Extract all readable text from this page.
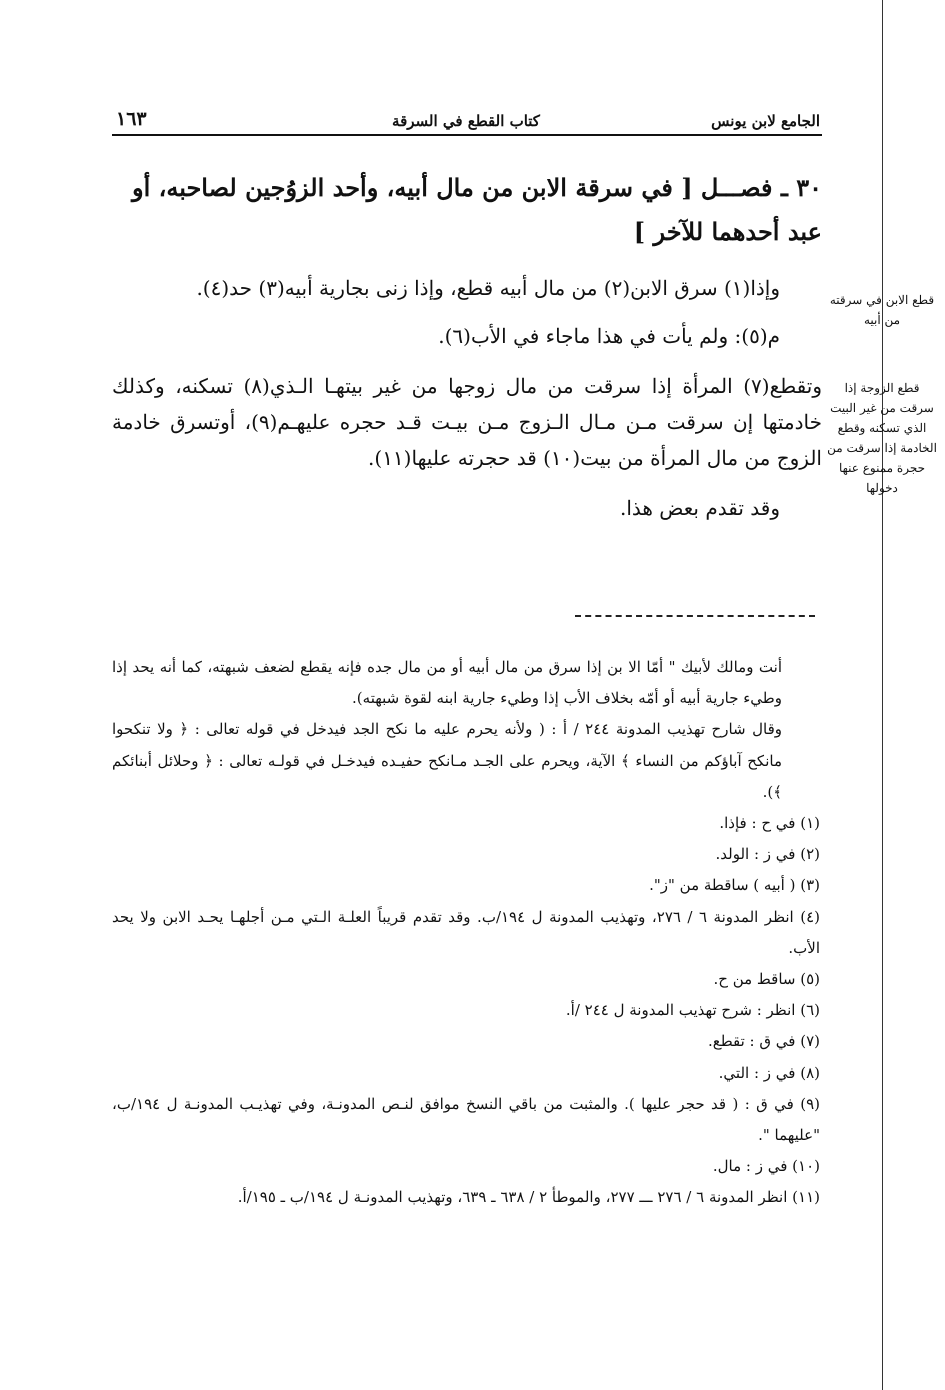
الجامع لابن يونس
كتاب القطع في السرقة
١٦٣

٣٠ ـ فصـــل [ في سرقة الابن من مال أبيه، وأحد الزوُجين لصاحبه، أو عبد أحدهما للآخر ]

وإذا(١) سرق الابن(٢) من مال أبيه قطع، وإذا زنى بجارية أبيه(٣) حد(٤).

م(٥): ولم يأت في هذا ماجاء في الأب(٦).

وتقطع(٧) المرأة إذا سرقت من مال زوجها من غير بيتهـا الـذي(٨) تسكنه، وكذلك خادمتها إن سرقت مـن مـال الـزوج مـن بيـت قـد حجره عليهـم(٩)، أوتسرق خادمة الزوج من مال المرأة من بيت(١٠) قد حجرته عليها(١١).

وقد تقدم بعض هذا.

قطع الابن في سرقته من أبيه
قطع الزوجة إذا سرقت من غير البيت الذي تسكنه وقطع الخادمة إذا سرقت من حجرة ممنوع عنها دخولها

أنت ومالك لأبيك " أمّا الا بن إذا سرق من مال أبيه أو من مال جده فإنه يقطع لضعف شبهته، كما أنه يحد إذا وطيء جارية أبيه أو أمّه بخلاف الأب إذا وطيء جارية ابنه لقوة شبهته).

وقال شارح تهذيب المدونة ٢٤٤ / أ : ( ولأنه يحرم عليه ما نكح الجد فيدخل في قوله تعالى : ﴿ ولا تنكحوا مانكح آباؤكم من النساء ﴾ الآية، ويحرم على الجـد مـانكح حفيـده فيدخـل في قولـه تعالى : ﴿ وحلائل أبنائكم ﴾).

(١) في ح : فإذا.

(٢) في ز : الولد.

(٣) ( أبيه ) ساقطة من "ز".

(٤) انظر المدونة ٦ / ٢٧٦، وتهذيب المدونة ل ١٩٤/ب. وقد تقدم قريباً العلـة الـتي مـن أجلهـا يحـد الابن ولا يحد الأب.

(٥) ساقط من ح.

(٦) انظر : شرح تهذيب المدونة ل ٢٤٤ /أ.

(٧) في ق : تقطع.

(٨) في ز : التي.

(٩) في ق : ( قد حجر عليها ). والمثبت من باقي النسخ موافق لنـص المدونـة، وفي تهذيـب المدونـة ل ١٩٤/ب، "عليهما ".

(١٠) في ز : مال.

(١١) انظر المدونة ٦ / ٢٧٦ ـــ ٢٧٧، والموطأ ٢ / ٦٣٨ ـ ٦٣٩، وتهذيب المدونـة ل ١٩٤/ب ـ ١٩٥/أ.
